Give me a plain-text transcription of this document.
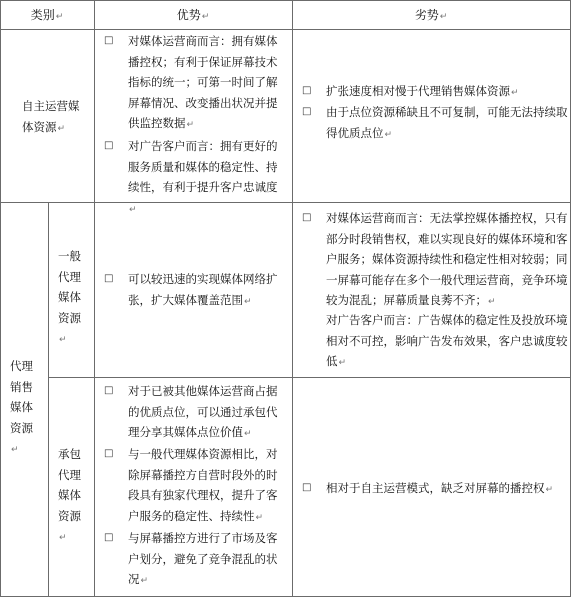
类别↵	优势↵	劣势↵
自主运营媒体资源↵
□
对媒体运营商而言：拥有媒体播控权；有利于保证屏幕技术指标的统一；可第一时间了解屏幕情况、改变播出状况并提供监控数据↵
□
对广告客户而言：拥有更好的服务质量和媒体的稳定性、持续性，有利于提升客户忠诚度↵
□
扩张速度相对慢于代理销售媒体资源↵
□
由于点位资源稀缺且不可复制，可能无法持续取得优质点位↵
代理销售媒体资源↵
一般代理媒体资源↵
□
可以较迅速的实现媒体网络扩张，扩大媒体覆盖范围↵
□
对媒体运营商而言：无法掌控媒体播控权，只有部分时段销售权，难以实现良好的媒体环境和客户服务；媒体资源持续性和稳定性相对较弱；同一屏幕可能存在多个一般代理运营商，竞争环境较为混乱；屏幕质量良莠不齐；↵
对广告客户而言：广告媒体的稳定性及投放环境相对不可控，影响广告发布效果，客户忠诚度较低↵
承包代理媒体资源↵
□
对于已被其他媒体运营商占据的优质点位，可以通过承包代理分享其媒体点位价值↵
□
与一般代理媒体资源相比，对除屏幕播控方自营时段外的时段具有独家代理权，提升了客户服务的稳定性、持续性↵
□
与屏幕播控方进行了市场及客户划分，避免了竞争混乱的状况↵
□
相对于自主运营模式，缺乏对屏幕的播控权↵
